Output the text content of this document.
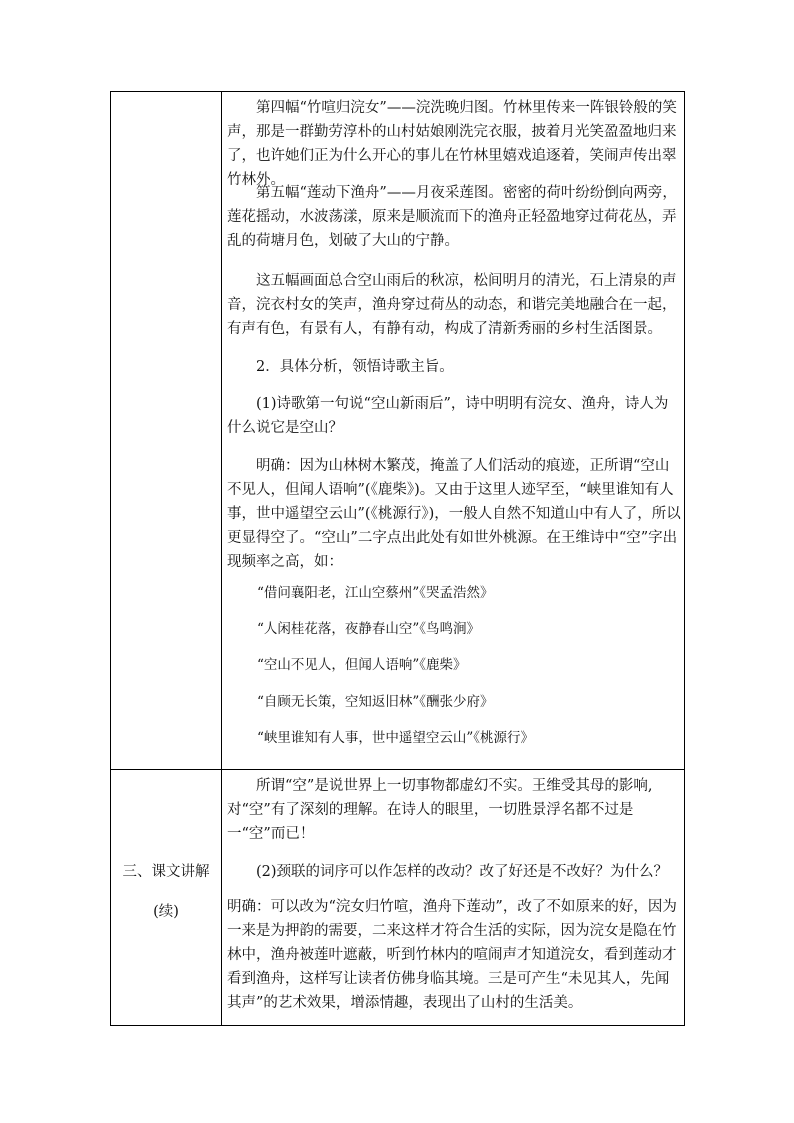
第四幅“竹喧归浣女”——浣洗晚归图。竹林里传来一阵银铃般的笑声，那是一群勤劳淳朴的山村姑娘刚洗完衣服，披着月光笑盈盈地归来了，也许她们正为什么开心的事儿在竹林里嬉戏追逐着，笑闹声传出翠竹林外。

第五幅“莲动下渔舟”——月夜采莲图。密密的荷叶纷纷倒向两旁，莲花摇动，水波荡漾，原来是顺流而下的渔舟正轻盈地穿过荷花丛，弄乱的荷塘月色，划破了大山的宁静。

这五幅画面总合空山雨后的秋凉，松间明月的清光，石上清泉的声音，浣衣村女的笑声，渔舟穿过荷丛的动态，和谐完美地融合在一起，有声有色，有景有人，有静有动，构成了清新秀丽的乡村生活图景。

2．具体分析，领悟诗歌主旨。

(1)诗歌第一句说“空山新雨后”，诗中明明有浣女、渔舟，诗人为什么说它是空山？

明确：因为山林树木繁茂，掩盖了人们活动的痕迹，正所谓“空山不见人，但闻人语响”(《鹿柴》)。又由于这里人迹罕至，“峡里谁知有人事，世中遥望空云山”(《桃源行》)，一般人自然不知道山中有人了，所以更显得空了。“空山”二字点出此处有如世外桃源。在王维诗中“空”字出现频率之高，如：

“借问襄阳老，江山空蔡州”《哭孟浩然》
“人闲桂花落，夜静春山空”《鸟鸣涧》
“空山不见人，但闻人语响”《鹿柴》
“自顾无长策，空知返旧林”《酬张少府》
“峡里谁知有人事，世中遥望空云山”《桃源行》
三、课文讲解
(续)

所谓“空”是说世界上一切事物都虚幻不实。王维受其母的影响,对“空”有了深刻的理解。在诗人的眼里，一切胜景浮名都不过是一“空”而已！

(2)颈联的词序可以作怎样的改动？改了好还是不改好？为什么？

明确：可以改为“浣女归竹喧，渔舟下莲动”，改了不如原来的好，因为一来是为押韵的需要，二来这样才符合生活的实际，因为浣女是隐在竹林中，渔舟被莲叶遮蔽，听到竹林内的喧闹声才知道浣女，看到莲动才看到渔舟，这样写让读者仿佛身临其境。三是可产生“未见其人，先闻其声”的艺术效果，增添情趣，表现出了山村的生活美。
